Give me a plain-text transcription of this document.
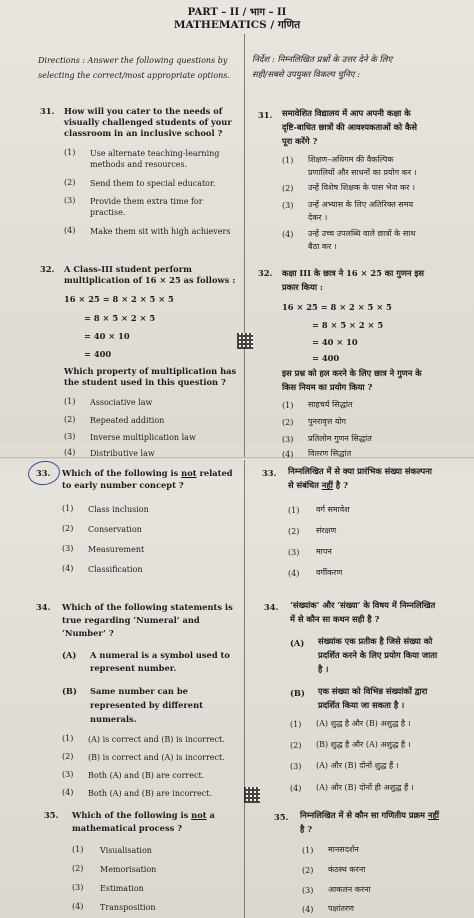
PART – II / भाग – II
MATHEMATICS / गणित
Directions : Answer the following questions by
selecting the correct/most appropriate options.
निर्देश : निम्नलिखित प्रश्नों के उत्तर देने के लिए
सही/सबसे उपयुक्त विकल्प चुनिए :
31. How will you cater to the needs of
visually challenged students of your
classroom in an inclusive school ?
(1) Use alternate teaching-learning
methods and resources.
(2) Send them to special educator.
(3) Provide them extra time for
practise.
(4) Make them sit with high achievers
31. समावेशित विद्यालय में आप अपनी कक्षा के
दृष्टि-बाधित छात्रों की आवश्यकताओं को कैसे
पूरा करेंगे ?
(1) शिक्षण–अधिगम की वैकल्पिक
प्रणालियों और साधनों का प्रयोग कर ।
(2) उन्हें विशेष शिक्षक के पास भेज कर ।
(3) उन्हें अभ्यास के लिए अतिरिक्त समय
देकर ।
(4) उन्हें उच्च उपलब्धि वाले छात्रों के साथ
बैठा कर ।
32. A Class-III student perform
multiplication of 16 × 25 as follows :
16 × 25 = 8 × 2 × 5 × 5
= 8 × 5 × 2 × 5
= 40 × 10
= 400
Which property of multiplication has
the student used in this question ?
(1) Associative law
(2) Repeated addition
(3) Inverse multiplication law
(4) Distributive law
32. कक्षा III के छात्र ने 16 × 25 का गुणन इस
प्रकार किया :
16 × 25 = 8 × 2 × 5 × 5
= 8 × 5 × 2 × 5
= 40 × 10
= 400
इस प्रश्न को हल करने के लिए छात्र ने गुणन के
किस नियम का प्रयोग किया ?
(1) साहचर्य सिद्धांत
(2) पुनरावृत्त योग
(3) प्रतिलोम गुणन सिद्धांत
(4) वितरण सिद्धांत
33. Which of the following is not related
to early number concept ?
(1) Class inclusion
(2) Conservation
(3) Measurement
(4) Classification
33. निम्नलिखित में से क्या प्रारंभिक संख्या संकल्पना
से संबंधित नहीं है ?
(1) वर्ग समावेश
(2) संरक्षण
(3) मापन
(4) वर्गीकरण
34. Which of the following statements is
true regarding ‘Numeral’ and
‘Number’ ?
(A) A numeral is a symbol used to
represent number.
(B) Same number can be
represented by different
numerals.
(1) (A) is correct and (B) is incorrect.
(2) (B) is correct and (A) is incorrect.
(3) Both (A) and (B) are correct.
(4) Both (A) and (B) are incorrect.
34. ‘संख्यांक’ और ‘संख्या’ के विषय में निम्नलिखित
में से कौन सा कथन सही है ?
(A) संख्यांक एक प्रतीक है जिसे संख्या को
प्रदर्शित करने के लिए प्रयोग किया जाता
है ।
(B) एक संख्या को विभिन्न संख्यांकों द्वारा
प्रदर्शित किया जा सकता है ।
(1) (A) शुद्ध है और (B) अशुद्ध है ।
(2) (B) शुद्ध है और (A) अशुद्ध है ।
(3) (A) और (B) दोनों शुद्ध हैं ।
(4) (A) और (B) दोनों ही अशुद्ध हैं ।
35. Which of the following is not a
mathematical process ?
(1) Visualisation
(2) Memorisation
(3) Estimation
(4) Transposition
35. निम्नलिखित में से कौन सा गणितीय प्रक्रम नहीं
है ?
(1) मानसदर्शन
(2) कंठस्थ करना
(3) आकलन करना
(4) पक्षांतरण
